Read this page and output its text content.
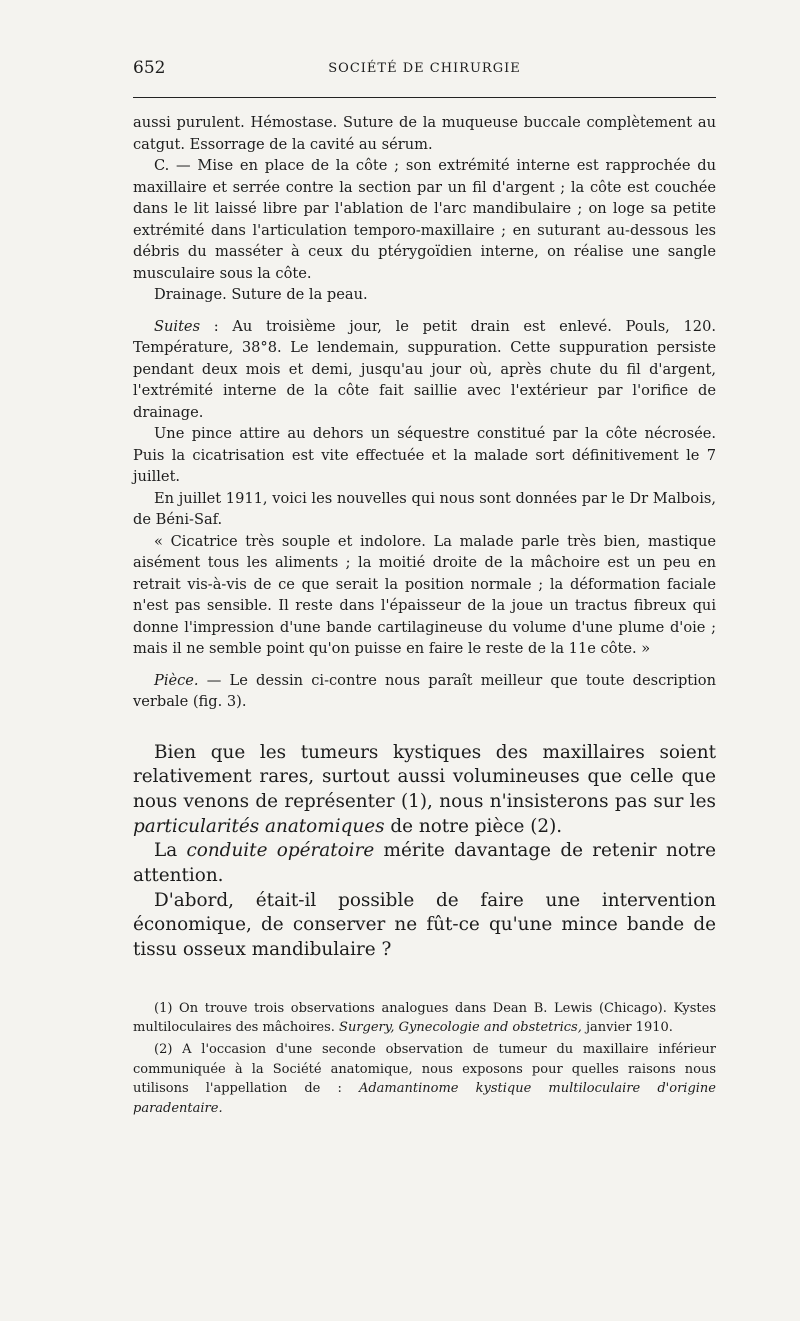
652	SOCIÉTÉ DE CHIRURGIE

aussi purulent. Hémostase. Suture de la muqueuse buccale complètement au catgut. Essorrage de la cavité au sérum.

C. — Mise en place de la côte ; son extrémité interne est rapprochée du maxillaire et serrée contre la section par un fil d'argent ; la côte est couchée dans le lit laissé libre par l'ablation de l'arc mandibulaire ; on loge sa petite extrémité dans l'articulation temporo-maxillaire ; en suturant au-dessous les débris du masséter à ceux du ptérygoïdien interne, on réalise une sangle musculaire sous la côte.

Drainage. Suture de la peau.

Suites : Au troisième jour, le petit drain est enlevé. Pouls, 120. Température, 38°8. Le lendemain, suppuration. Cette suppuration persiste pendant deux mois et demi, jusqu'au jour où, après chute du fil d'argent, l'extrémité interne de la côte fait saillie avec l'extérieur par l'orifice de drainage.

Une pince attire au dehors un séquestre constitué par la côte nécrosée. Puis la cicatrisation est vite effectuée et la malade sort définitivement le 7 juillet.

En juillet 1911, voici les nouvelles qui nous sont données par le Dr Malbois, de Béni-Saf.

« Cicatrice très souple et indolore. La malade parle très bien, mastique aisément tous les aliments ; la moitié droite de la mâchoire est un peu en retrait vis-à-vis de ce que serait la position normale ; la déformation faciale n'est pas sensible. Il reste dans l'épaisseur de la joue un tractus fibreux qui donne l'impression d'une bande cartilagineuse du volume d'une plume d'oie ; mais il ne semble point qu'on puisse en faire le reste de la 11e côte. »

Pièce. — Le dessin ci-contre nous paraît meilleur que toute description verbale (fig. 3).

Bien que les tumeurs kystiques des maxillaires soient relativement rares, surtout aussi volumineuses que celle que nous venons de représenter (1), nous n'insisterons pas sur les particularités anatomiques de notre pièce (2).

La conduite opératoire mérite davantage de retenir notre attention.

D'abord, était-il possible de faire une intervention économique, de conserver ne fût-ce qu'une mince bande de tissu osseux mandibulaire ?

(1) On trouve trois observations analogues dans Dean B. Lewis (Chicago). Kystes multiloculaires des mâchoires. Surgery, Gynecologie and obstetrics, janvier 1910.

(2) A l'occasion d'une seconde observation de tumeur du maxillaire inférieur communiquée à la Société anatomique, nous exposons pour quelles raisons nous utilisons l'appellation de : Adamantinome kystique multiloculaire d'origine paradentaire.
